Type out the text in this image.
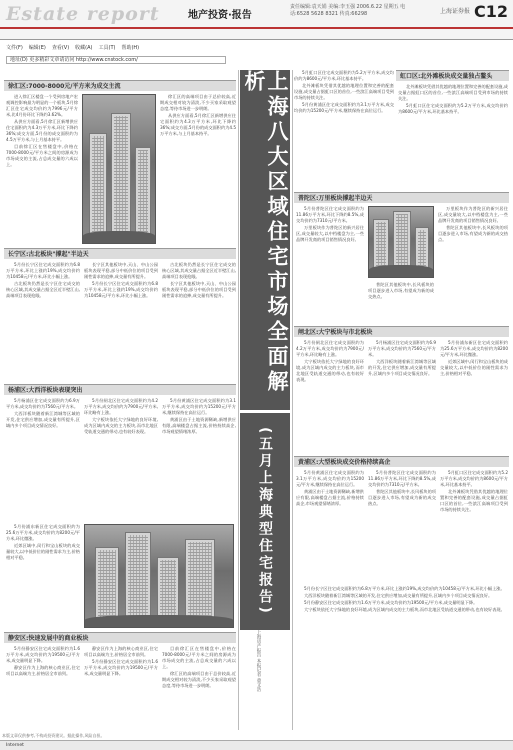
Estate report	地产投资·报告
责任编辑:袁天娟 美编:李玉强 2006.6.22 星期五 电话:6528 5628 8321 传真:66298	上海证券报 C12
文件(F) 编辑(E) 查看(V) 收藏(A) 工具(T) 帮助(H)
地址(D) 更多精彩文章请访问 http://www.cnstock.com/
徐汇区:7000-8000元/平方米为成交主流

进入徐汇区楼盘一个受到房地产宏观调控影响最为明显的一个板块,5月徐汇区住宅成交均价约为7996元/平方米,比4月份环比下降约3.62%。

从供应方面看,5月徐汇区新增供应住宅面积约为4.3万平方米,环比下降约36%;成交方面,5月份的成交面积约为4.5万平方米,与上月基本持平。

目前徐汇区在售楼盘中,价格在7000-8000元/平方米之间的房源成为市场成交的主流,占总成交量的六成以上。

徐汇区的高端项目由于总价较高,近期成交相对较为清淡,不少买家采取观望态度,等待市场进一步明朗。

从供应方面看,5月徐汇区新增供应住宅面积约为4.3万平方米,环比下降约36%;成交方面,5月份的成交面积约为4.5万平方米,与上月基本持平。

长宁区:古北板块"撑起"半边天

5月份长宁区住宅成交面积约为6.8万平方米,环比上涨约19%,成交均价约为10458元/平方米,环比小幅上涨。

古北板块仍然是长宁区住宅成交的核心区域,其成交量占据全区近半壁江山,高端项目表现抢眼。

长宁区其他板块中,天山、中山公园板块表现平稳,部分中低价位的项目受到刚性需求的追捧,成交量有所提升。

5月份长宁区住宅成交面积约为6.8万平方米,环比上涨约19%,成交均价约为10458元/平方米,环比小幅上涨。

古北板块仍然是长宁区住宅成交的核心区域,其成交量占据全区近半壁江山,高端项目表现抢眼。

长宁区其他板块中,天山、中山公园板块表现平稳,部分中低价位的项目受到刚性需求的追捧,成交量有所提升。

杨浦区:大西洋板块表现突出

5月杨浦区住宅成交面积约为6.9万平方米,成交均价约为7560元/平方米。

大西洋板块随着新江湾城等区域的开发,住宅供应增加,成交量有所提升,区域内多个项目成交情况良好。

5月份闸北区住宅成交面积约为4.2万平方米,成交均价约为7900元/平方米,环比略有上涨。

大宁板块依托大宁绿地的良好环境,成为区域内成交的主力板块,而市北地区受轨道交通的带动,也有较好表现。

5月份黄浦区住宅成交面积约为3.1万平方米,成交均价约为15200元/平方米,继续保持在高位运行。

黄浦区由于土地资源稀缺,新增供应有限,高端楼盘占据主流,价格持续高企,市场观望情绪浓厚。

5月份浦东新区住宅成交面积约为25.6万平方米,成交均价约为8200元/平方米,环比微涨。

近郊区域中,闵行和宝山板块的成交量较大,以中低价位的刚性需求为主,价格相对平稳。

静安区:快速发展中的商业板块

5月份静安区住宅成交面积约为1.6万平方米,成交均价约为19500元/平方米,成交量明显下降。

静安区作为上海的核心商业区,住宅项目以高端为主,价格居全市前列。

静安区作为上海的核心商业区,住宅项目以高端为主,价格居全市前列。

5月份静安区住宅成交面积约为1.6万平方米,成交均价约为19500元/平方米,成交量明显下降。

目前徐汇区在售楼盘中,价格在7000-8000元/平方米之间的房源成为市场成交的主流,占总成交量的六成以上。

徐汇区的高端项目由于总价较高,近期成交相对较为清淡,不少买家采取观望态度,等待市场进一步明朗。

上海八大区域住宅市场全面解析
(五月上海典型住宅报告)
上海房产报告 本报记者 童文浩

5月虹口区住宅成交面积约为5.2万平方米,成交均价约为8600元/平方米,环比基本持平。

北外滩板块凭借其优越的地理位置和完善的配套设施,成交量占据虹口区的首位,一些滨江高端项目受到市场的持续关注。

5月份黄浦区住宅成交面积约为3.1万平方米,成交均价约为15200元/平方米,继续保持在高位运行。

虹口区:北外滩板块成交量独占鳌头

北外滩板块凭借其优越的地理位置和完善的配套设施,成交量占据虹口区的首位,一些滨江高端项目受到市场的持续关注。

5月虹口区住宅成交面积约为5.2万平方米,成交均价约为8600元/平方米,环比基本持平。

普陀区:万里板块撑起半边天

5月份普陀区住宅成交面积约为11.86万平方米,环比下降约8.5%,成交均价约为7310元/平方米。

万里板块作为普陀区的新兴居住区,成交量较大,以中档楼盘为主,一些品牌开发商的项目销售情况良好。

普陀区其他板块中,长风板块的项目逐步进入市场,有望成为新的成交热点。

万里板块作为普陀区的新兴居住区,成交量较大,以中档楼盘为主,一些品牌开发商的项目销售情况良好。

普陀区其他板块中,长风板块的项目逐步进入市场,有望成为新的成交热点。

闸北区:大宁板块与市北板块

5月份闸北区住宅成交面积约为4.2万平方米,成交均价约为7900元/平方米,环比略有上涨。

大宁板块依托大宁绿地的良好环境,成为区域内成交的主力板块,而市北地区受轨道交通的带动,也有较好表现。

5月杨浦区住宅成交面积约为6.9万平方米,成交均价约为7560元/平方米。

大西洋板块随着新江湾城等区域的开发,住宅供应增加,成交量有所提升,区域内多个项目成交情况良好。

5月份浦东新区住宅成交面积约为25.6万平方米,成交均价约为8200元/平方米,环比微涨。

近郊区域中,闵行和宝山板块的成交量较大,以中低价位的刚性需求为主,价格相对平稳。

黄浦区:大型板块成交价格持续高企

5月份黄浦区住宅成交面积约为3.1万平方米,成交均价约为15200元/平方米,继续保持在高位运行。

黄浦区由于土地资源稀缺,新增供应有限,高端楼盘占据主流,价格持续高企,市场观望情绪浓厚。

5月份普陀区住宅成交面积约为11.86万平方米,环比下降约8.5%,成交均价约为7310元/平方米。

普陀区其他板块中,长风板块的项目逐步进入市场,有望成为新的成交热点。

5月虹口区住宅成交面积约为5.2万平方米,成交均价约为8600元/平方米,环比基本持平。

北外滩板块凭借其优越的地理位置和完善的配套设施,成交量占据虹口区的首位,一些滨江高端项目受到市场的持续关注。

5月份长宁区住宅成交面积约为6.8万平方米,环比上涨约19%,成交均价约为10458元/平方米,环比小幅上涨。

大西洋板块随着新江湾城等区域的开发,住宅供应增加,成交量有所提升,区域内多个项目成交情况良好。

5月份静安区住宅成交面积约为1.6万平方米,成交均价约为19500元/平方米,成交量明显下降。

大宁板块依托大宁绿地的良好环境,成为区域内成交的主力板块,而市北地区受轨道交通的带动,也有较好表现。

本版文章仅供参考,不构成投资建议。据此操作,风险自担。
Internet
